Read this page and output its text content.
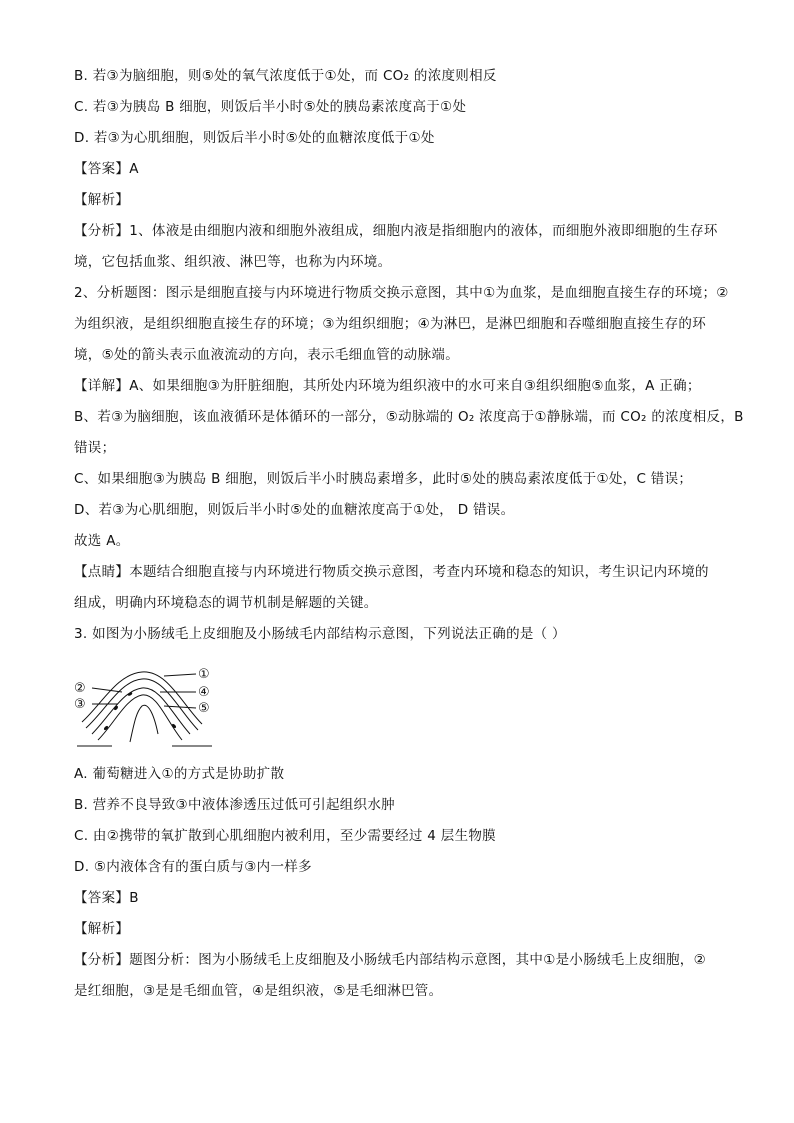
B. 若③为脑细胞，则⑤处的氧气浓度低于①处，而 CO₂ 的浓度则相反
C. 若③为胰岛 B 细胞，则饭后半小时⑤处的胰岛素浓度高于①处
D. 若③为心肌细胞，则饭后半小时⑤处的血糖浓度低于①处
【答案】A
【解析】
【分析】1、体液是由细胞内液和细胞外液组成，细胞内液是指细胞内的液体，而细胞外液即细胞的生存环
境，它包括血浆、组织液、淋巴等，也称为内环境。
2、分析题图：图示是细胞直接与内环境进行物质交换示意图，其中①为血浆，是血细胞直接生存的环境；②
为组织液，是组织细胞直接生存的环境；③为组织细胞；④为淋巴，是淋巴细胞和吞噬细胞直接生存的环
境，⑤处的箭头表示血液流动的方向，表示毛细血管的动脉端。
【详解】A、如果细胞③为肝脏细胞，其所处内环境为组织液中的水可来自③组织细胞⑤血浆，A 正确；
B、若③为脑细胞，该血液循环是体循环的一部分，⑤动脉端的 O₂ 浓度高于①静脉端，而 CO₂ 的浓度相反，B
错误；
C、如果细胞③为胰岛 B 细胞，则饭后半小时胰岛素增多，此时⑤处的胰岛素浓度低于①处，C 错误；
D、若③为心肌细胞，则饭后半小时⑤处的血糖浓度高于①处， D 错误。
故选 A。
【点睛】本题结合细胞直接与内环境进行物质交换示意图，考查内环境和稳态的知识，考生识记内环境的
组成，明确内环境稳态的调节机制是解题的关键。
3. 如图为小肠绒毛上皮细胞及小肠绒毛内部结构示意图，下列说法正确的是（ ）
①
②	④
③	⑤
A. 葡萄糖进入①的方式是协助扩散
B. 营养不良导致③中液体渗透压过低可引起组织水肿
C. 由②携带的氧扩散到心肌细胞内被利用，至少需要经过 4 层生物膜
D. ⑤内液体含有的蛋白质与③内一样多
【答案】B
【解析】
【分析】题图分析：图为小肠绒毛上皮细胞及小肠绒毛内部结构示意图，其中①是小肠绒毛上皮细胞，②
是红细胞，③是是毛细血管，④是组织液，⑤是毛细淋巴管。
